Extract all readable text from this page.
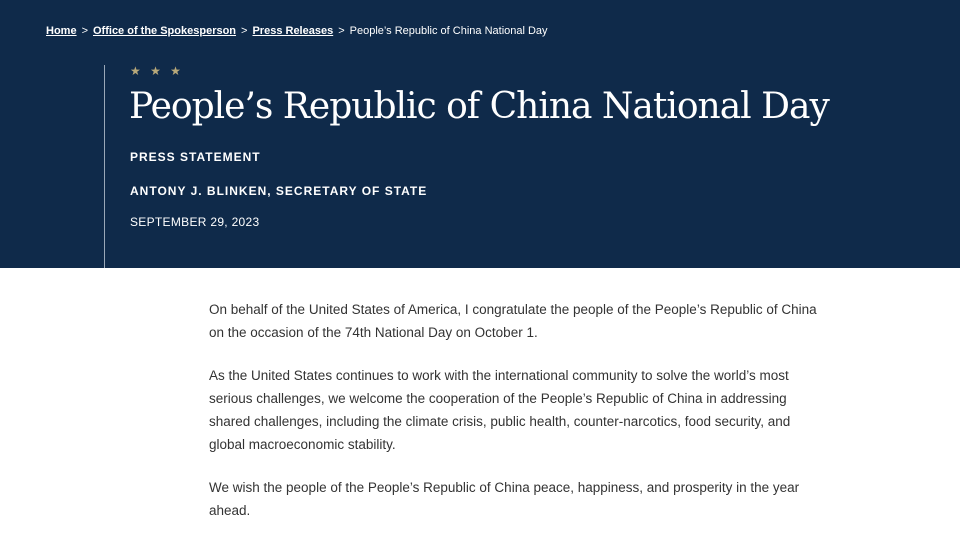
Home > Office of the Spokesperson > Press Releases > People’s Republic of China National Day
★ ★ ★
People’s Republic of China National Day
PRESS STATEMENT
ANTONY J. BLINKEN, SECRETARY OF STATE
SEPTEMBER 29, 2023

On behalf of the United States of America, I congratulate the people of the People’s Republic of China on the occasion of the 74th National Day on October 1.

As the United States continues to work with the international community to solve the world’s most serious challenges, we welcome the cooperation of the People’s Republic of China in addressing shared challenges, including the climate crisis, public health, counter-narcotics, food security, and global macroeconomic stability.

We wish the people of the People’s Republic of China peace, happiness, and prosperity in the year ahead.
